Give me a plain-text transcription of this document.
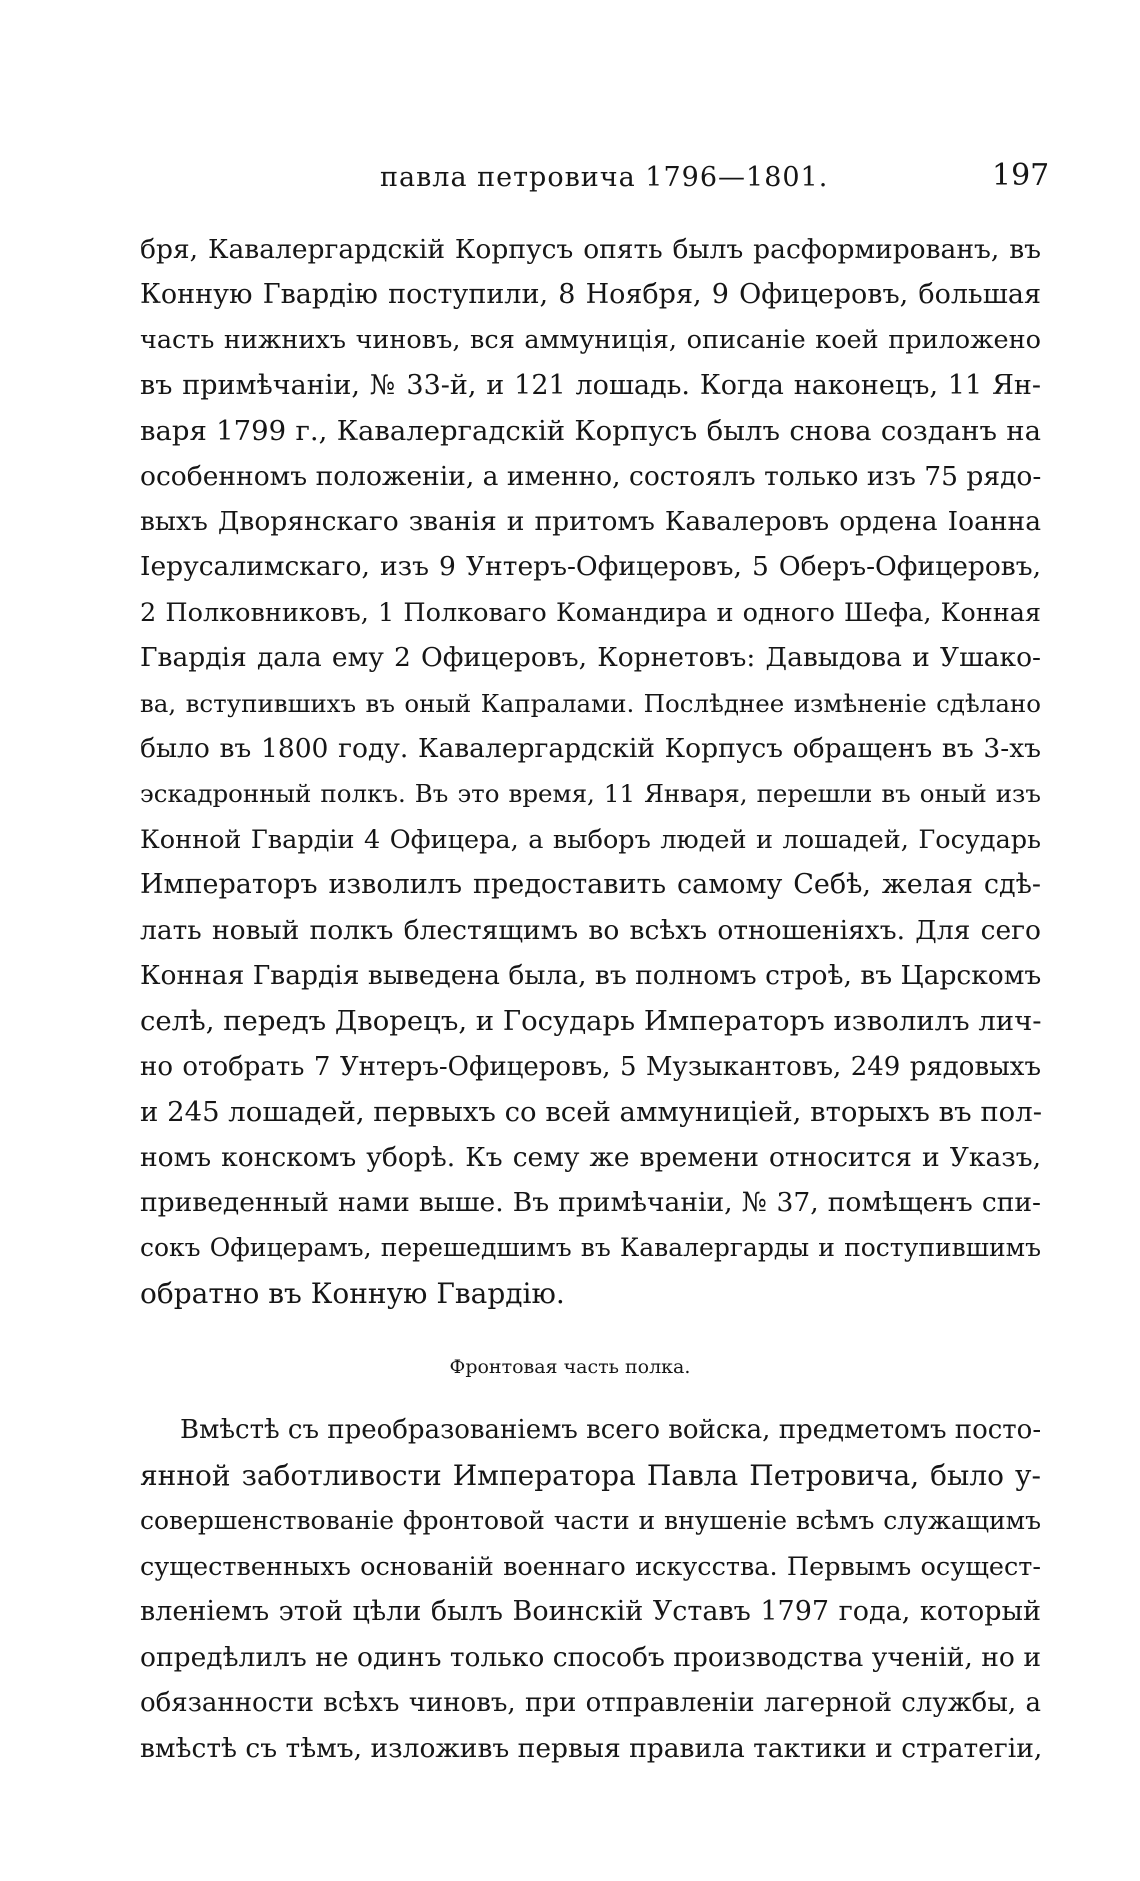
павла петровича 1796—1801.	197
бря, Кавалергардскій Корпусъ опять былъ расформированъ, въ
Конную Гвардію поступили, 8 Ноября, 9 Офицеровъ, большая
часть нижнихъ чиновъ, вся аммуниція, описаніе коей приложено
въ примѣчаніи, № 33-й, и 121 лошадь. Когда наконецъ, 11 Ян-
варя 1799 г., Кавалергадскій Корпусъ былъ снова созданъ на
особенномъ положеніи, а именно, состоялъ только изъ 75 рядо-
выхъ Дворянскаго званія и притомъ Кавалеровъ ордена Іоанна
Іерусалимскаго, изъ 9 Унтеръ-Офицеровъ, 5 Оберъ-Офицеровъ,
2 Полковниковъ, 1 Полковаго Командира и одного Шефа, Конная
Гвардія дала ему 2 Офицеровъ, Корнетовъ: Давыдова и Ушако-
ва, вступившихъ въ оный Капралами. Послѣднее измѣненіе сдѣлано
было въ 1800 году. Кавалергардскій Корпусъ обращенъ въ 3-хъ
эскадронный полкъ. Въ это время, 11 Января, перешли въ оный изъ
Конной Гвардіи 4 Офицера, а выборъ людей и лошадей, Государь
Императоръ изволилъ предоставить самому Себѣ, желая сдѣ-
лать новый полкъ блестящимъ во всѣхъ отношеніяхъ. Для сего
Конная Гвардія выведена была, въ полномъ строѣ, въ Царскомъ
селѣ, передъ Дворецъ, и Государь Императоръ изволилъ лич-
но отобрать 7 Унтеръ-Офицеровъ, 5 Музыкантовъ, 249 рядовыхъ
и 245 лошадей, первыхъ со всей аммуниціей, вторыхъ въ пол-
номъ конскомъ уборѣ. Къ сему же времени относится и Указъ,
приведенный нами выше. Въ примѣчаніи, № 37, помѣщенъ спи-
сокъ Офицерамъ, перешедшимъ въ Кавалергарды и поступившимъ
обратно въ Конную Гвардію.
Фронтовая часть полка.
Вмѣстѣ съ преобразованіемъ всего войска, предметомъ посто-
янной заботливости Императора Павла Петровича, было у-
совершенствованіе фронтовой части и внушеніе всѣмъ служащимъ
существенныхъ основаній военнаго искусства. Первымъ осущест-
вленіемъ этой цѣли былъ Воинскій Уставъ 1797 года, который
опредѣлилъ не одинъ только способъ производства ученій, но и
обязанности всѣхъ чиновъ, при отправленіи лагерной службы, а
вмѣстѣ съ тѣмъ, изложивъ первыя правила тактики и стратегіи,
